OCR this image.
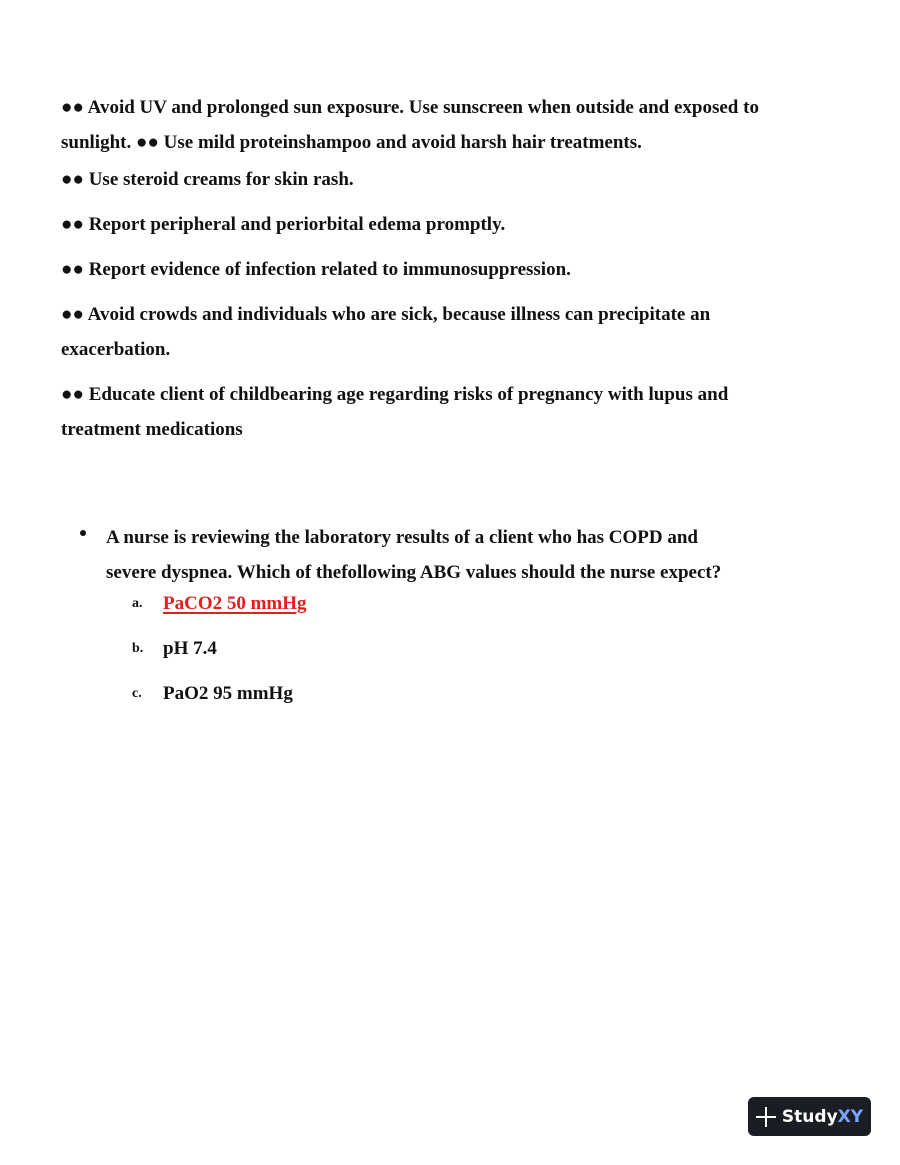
●● Avoid UV and prolonged sun exposure. Use sunscreen when outside and exposed to
sunlight. ●● Use mild proteinshampoo and avoid harsh hair treatments.

●● Use steroid creams for skin rash.

●● Report peripheral and periorbital edema promptly.

●● Report evidence of infection related to immunosuppression.

●● Avoid crowds and individuals who are sick, because illness can precipitate an
exacerbation.

●● Educate client of childbearing age regarding risks of pregnancy with lupus and
treatment medications

A nurse is reviewing the laboratory results of a client who has COPD and
severe dyspnea. Which of thefollowing ABG values should the nurse expect?
a. PaCO2 50 mmHg
b. pH 7.4
c. PaO2 95 mmHg
StudyXY
